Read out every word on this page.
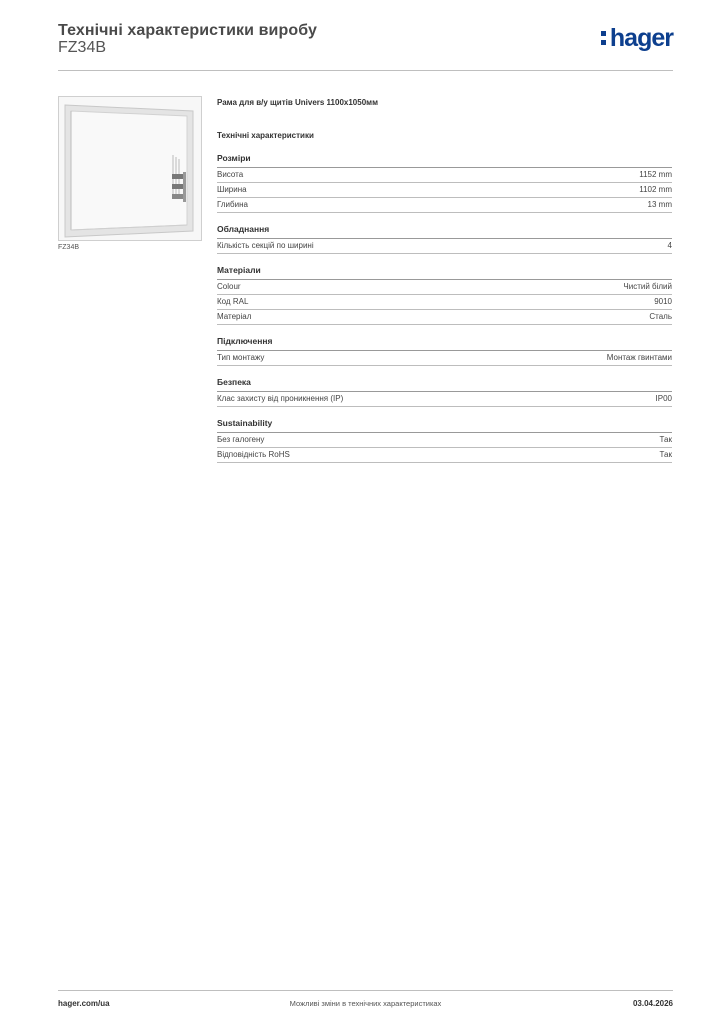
Технічні характеристики виробу
FZ34B	hager
FZ34B
Рама для в/у щитів Univers 1100x1050мм
Технічні характеристики
Розміри
Висота	1152 mm
Ширина	1102 mm
Глибина	13 mm
Обладнання
Кількість секцій по ширині	4
Матеріали
Colour	Чистий білий
Код RAL	9010
Матеріал	Сталь
Підключення
Тип монтажу	Монтаж гвинтами
Безпека
Клас захисту від проникнення (IP)	IP00
Sustainability
Без галогену	Так
Відповідність RoHS	Так
hager.com/ua	Можливі зміни в технічних характеристиках	03.04.2026
